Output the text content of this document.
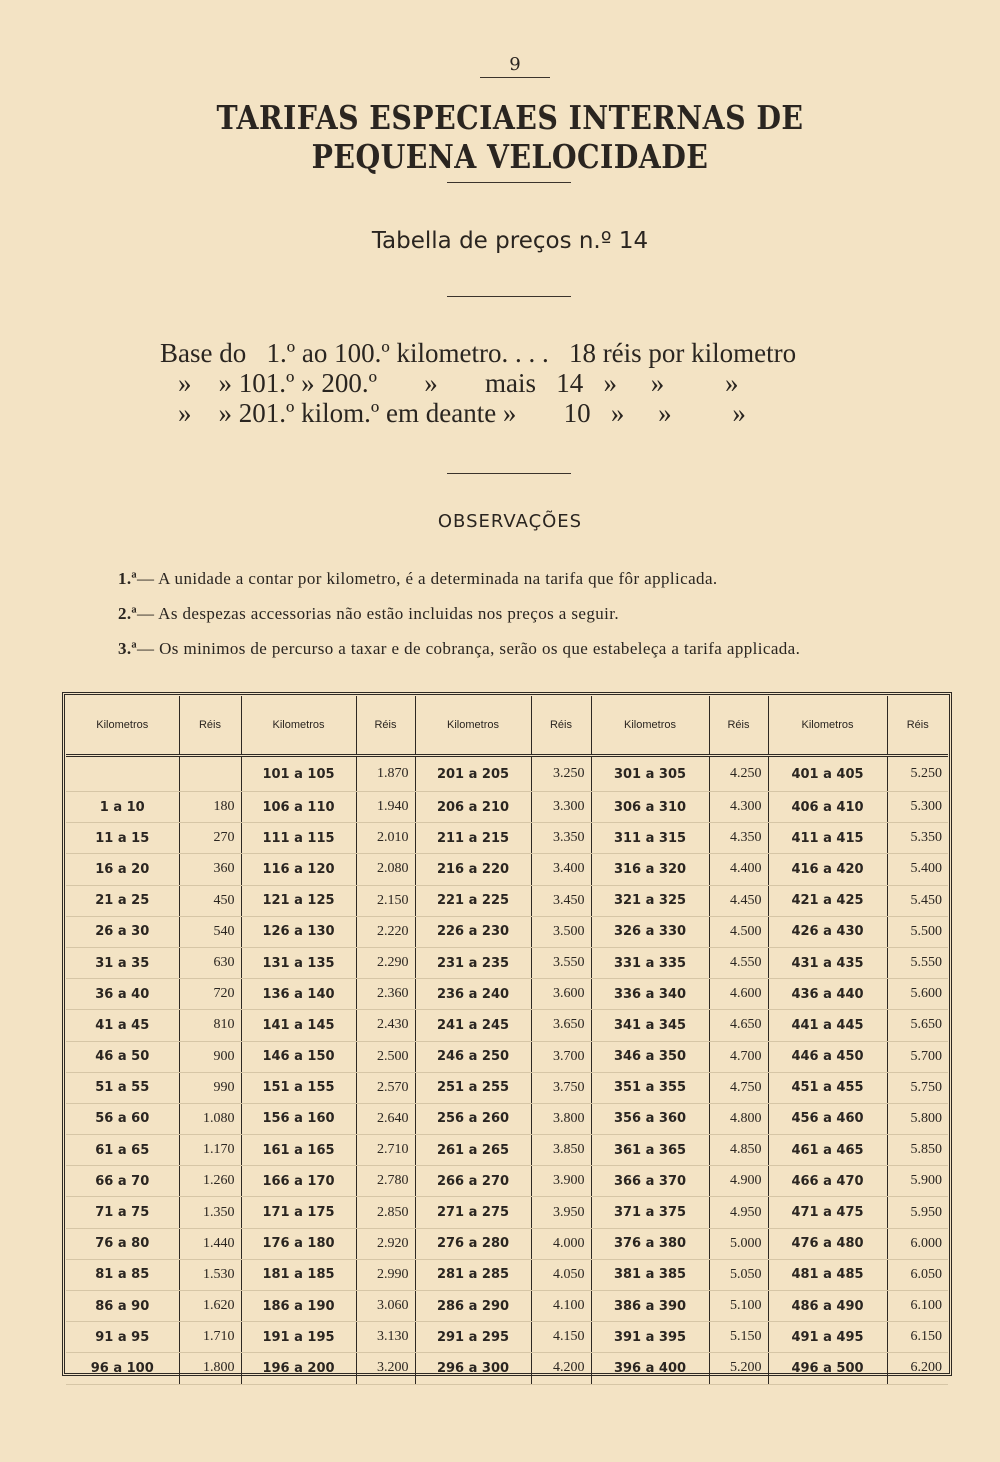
9
TARIFAS ESPECIAES INTERNAS DE PEQUENA VELOCIDADE
Tabella de preços n.º 14
Base do   1.º ao 100.º kilometro. . . .   18 réis por kilometro
»    » 101.º » 200.º       »       mais   14   »     »         »
»    » 201.º kilom.º em deante »       10   »     »         »
OBSERVAÇÕES
1.ª— A unidade a contar por kilometro, é a determinada na tarifa que fôr applicada.
2.ª— As despezas accessorias não estão incluidas nos preços a seguir.
3.ª— Os minimos de percurso a taxar e de cobrança, serão os que estabeleça a tarifa applicada.
Kilometros	Réis	Kilometros	Réis	Kilometros	Réis	Kilometros	Réis	Kilometros	Réis
		101 a 105	1.870	201 a 205	3.250	301 a 305	4.250	401 a 405	5.250
1 a 10	180	106 a 110	1.940	206 a 210	3.300	306 a 310	4.300	406 a 410	5.300
11 a 15	270	111 a 115	2.010	211 a 215	3.350	311 a 315	4.350	411 a 415	5.350
16 a 20	360	116 a 120	2.080	216 a 220	3.400	316 a 320	4.400	416 a 420	5.400
21 a 25	450	121 a 125	2.150	221 a 225	3.450	321 a 325	4.450	421 a 425	5.450
26 a 30	540	126 a 130	2.220	226 a 230	3.500	326 a 330	4.500	426 a 430	5.500
31 a 35	630	131 a 135	2.290	231 a 235	3.550	331 a 335	4.550	431 a 435	5.550
36 a 40	720	136 a 140	2.360	236 a 240	3.600	336 a 340	4.600	436 a 440	5.600
41 a 45	810	141 a 145	2.430	241 a 245	3.650	341 a 345	4.650	441 a 445	5.650
46 a 50	900	146 a 150	2.500	246 a 250	3.700	346 a 350	4.700	446 a 450	5.700
51 a 55	990	151 a 155	2.570	251 a 255	3.750	351 a 355	4.750	451 a 455	5.750
56 a 60	1.080	156 a 160	2.640	256 a 260	3.800	356 a 360	4.800	456 a 460	5.800
61 a 65	1.170	161 a 165	2.710	261 a 265	3.850	361 a 365	4.850	461 a 465	5.850
66 a 70	1.260	166 a 170	2.780	266 a 270	3.900	366 a 370	4.900	466 a 470	5.900
71 a 75	1.350	171 a 175	2.850	271 a 275	3.950	371 a 375	4.950	471 a 475	5.950
76 a 80	1.440	176 a 180	2.920	276 a 280	4.000	376 a 380	5.000	476 a 480	6.000
81 a 85	1.530	181 a 185	2.990	281 a 285	4.050	381 a 385	5.050	481 a 485	6.050
86 a 90	1.620	186 a 190	3.060	286 a 290	4.100	386 a 390	5.100	486 a 490	6.100
91 a 95	1.710	191 a 195	3.130	291 a 295	4.150	391 a 395	5.150	491 a 495	6.150
96 a 100	1.800	196 a 200	3.200	296 a 300	4.200	396 a 400	5.200	496 a 500	6.200
